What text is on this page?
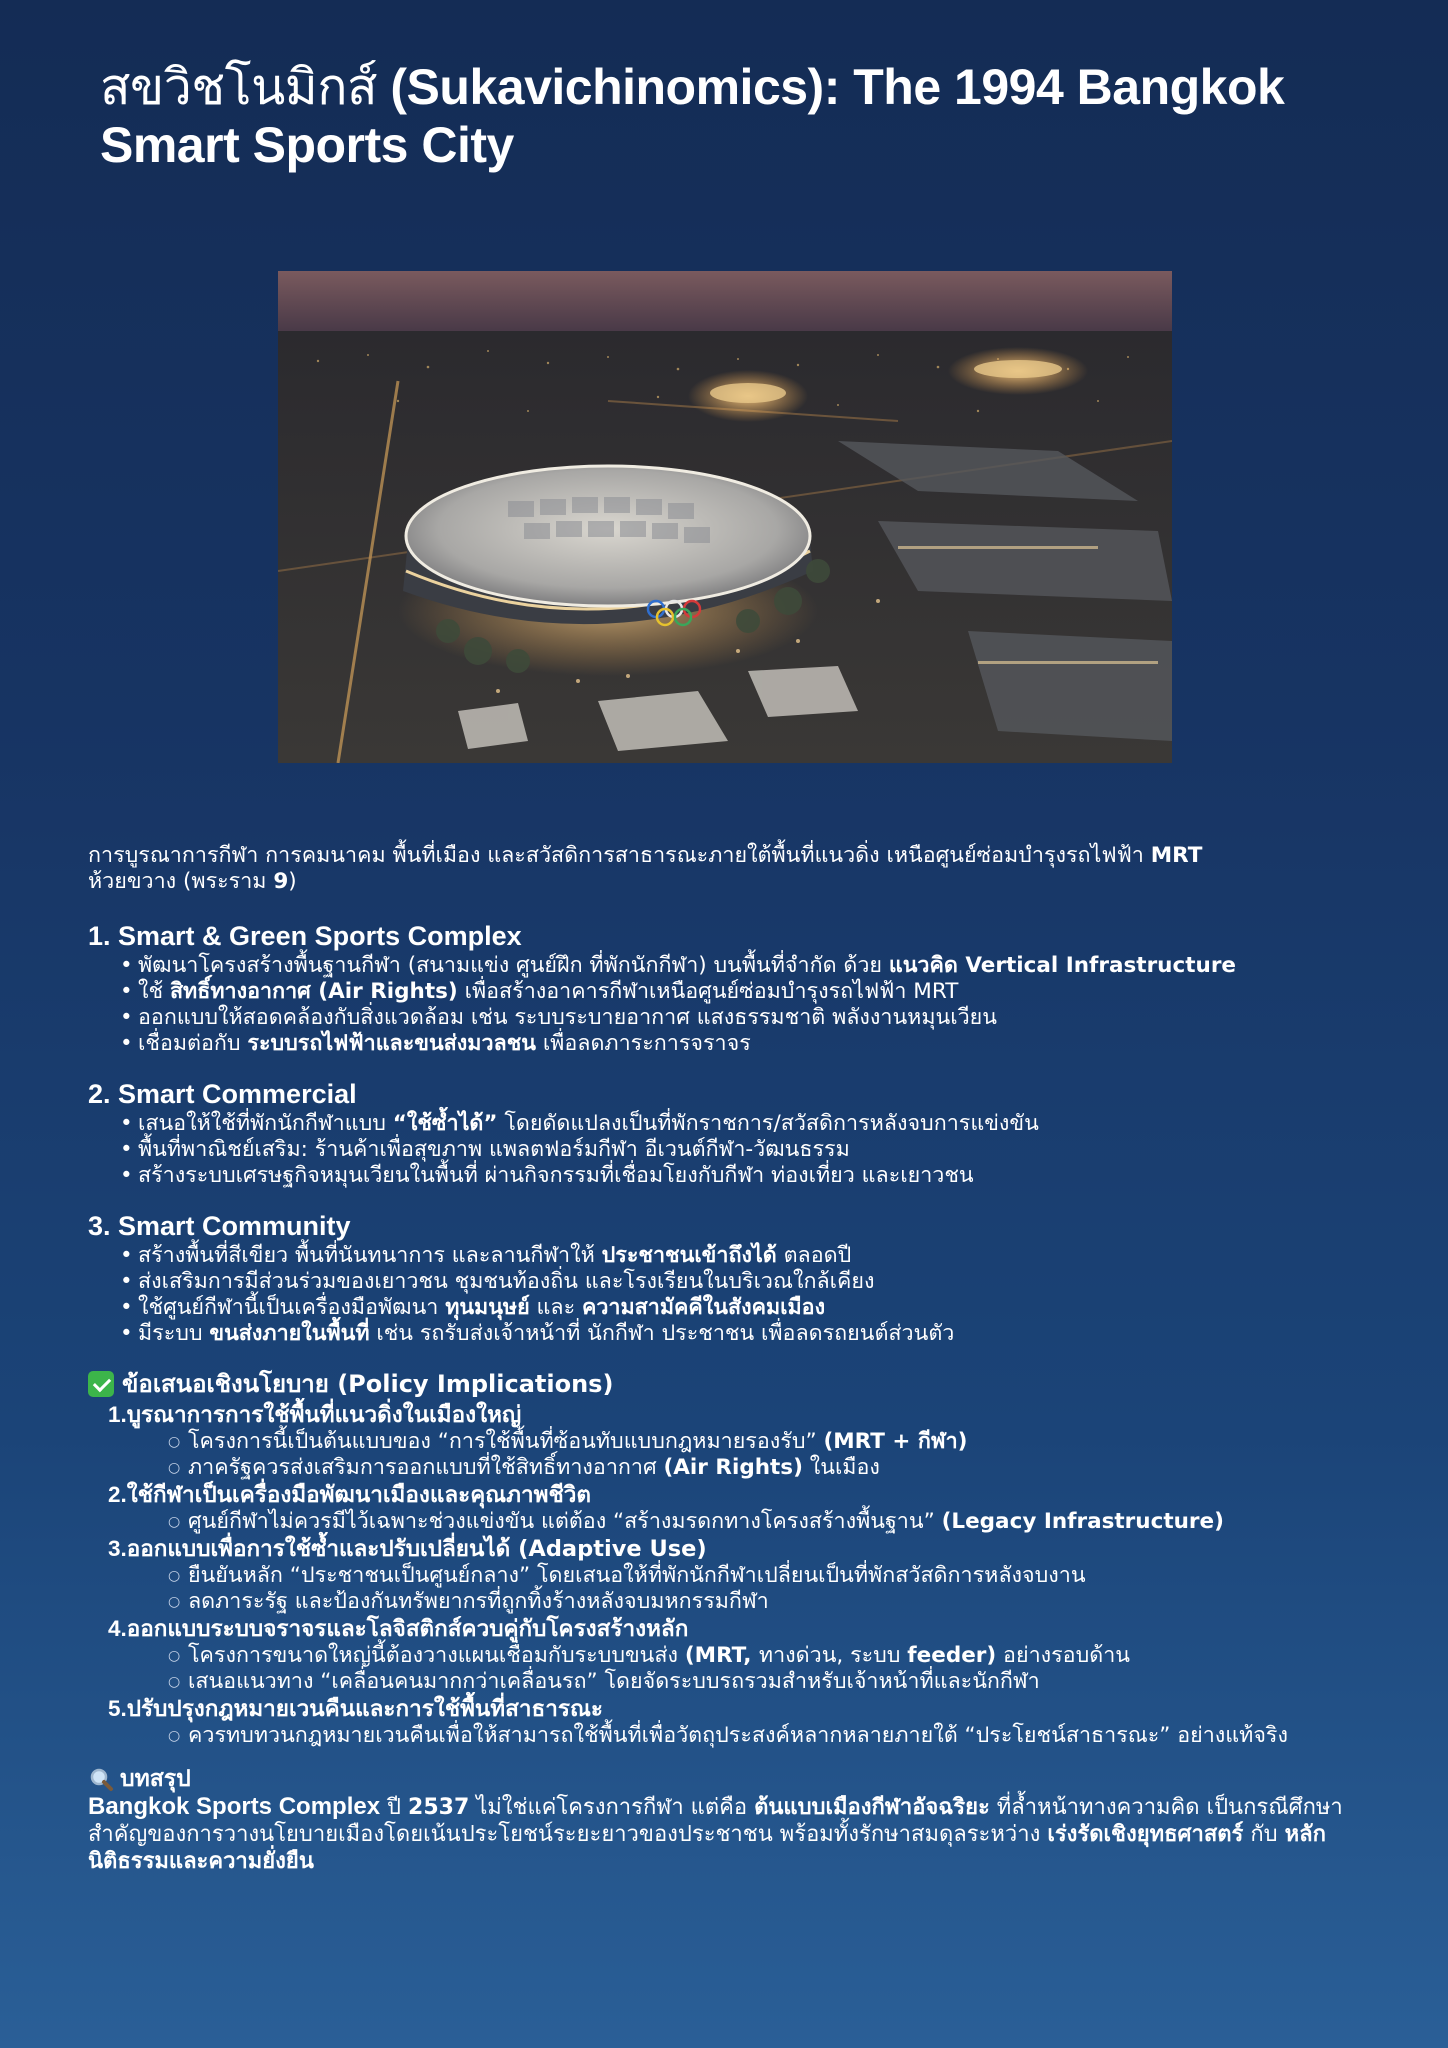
สขวิชโนมิกส์ (Sukavichinomics): The 1994 Bangkok
Smart Sports City

การบูรณาการกีฬา การคมนาคม พื้นที่เมือง และสวัสดิการสาธารณะภายใต้พื้นที่แนวดิ่ง เหนือศูนย์ซ่อมบำรุงรถไฟฟ้า MRT
ห้วยขวาง (พระราม 9)

1. Smart & Green Sports Complex
• พัฒนาโครงสร้างพื้นฐานกีฬา (สนามแข่ง ศูนย์ฝึก ที่พักนักกีฬา) บนพื้นที่จำกัด ด้วย แนวคิด Vertical Infrastructure
• ใช้ สิทธิ์ทางอากาศ (Air Rights) เพื่อสร้างอาคารกีฬาเหนือศูนย์ซ่อมบำรุงรถไฟฟ้า MRT
• ออกแบบให้สอดคล้องกับสิ่งแวดล้อม เช่น ระบบระบายอากาศ แสงธรรมชาติ พลังงานหมุนเวียน
• เชื่อมต่อกับ ระบบรถไฟฟ้าและขนส่งมวลชน เพื่อลดภาระการจราจร
2. Smart Commercial
• เสนอให้ใช้ที่พักนักกีฬาแบบ “ใช้ซ้ำได้” โดยดัดแปลงเป็นที่พักราชการ/สวัสดิการหลังจบการแข่งขัน
• พื้นที่พาณิชย์เสริม: ร้านค้าเพื่อสุขภาพ แพลตฟอร์มกีฬา อีเวนต์กีฬา-วัฒนธรรม
• สร้างระบบเศรษฐกิจหมุนเวียนในพื้นที่ ผ่านกิจกรรมที่เชื่อมโยงกับกีฬา ท่องเที่ยว และเยาวชน
3. Smart Community
• สร้างพื้นที่สีเขียว พื้นที่นันทนาการ และลานกีฬาให้ ประชาชนเข้าถึงได้ ตลอดปี
• ส่งเสริมการมีส่วนร่วมของเยาวชน ชุมชนท้องถิ่น และโรงเรียนในบริเวณใกล้เคียง
• ใช้ศูนย์กีฬานี้เป็นเครื่องมือพัฒนา ทุนมนุษย์ และ ความสามัคคีในสังคมเมือง
• มีระบบ ขนส่งภายในพื้นที่ เช่น รถรับส่งเจ้าหน้าที่ นักกีฬา ประชาชน เพื่อลดรถยนต์ส่วนตัว
ข้อเสนอเชิงนโยบาย (Policy Implications)
1.บูรณาการการใช้พื้นที่แนวดิ่งในเมืองใหญ่
○ โครงการนี้เป็นต้นแบบของ “การใช้พื้นที่ซ้อนทับแบบกฎหมายรองรับ” (MRT + กีฬา)
○ ภาครัฐควรส่งเสริมการออกแบบที่ใช้สิทธิ์ทางอากาศ (Air Rights) ในเมือง
2.ใช้กีฬาเป็นเครื่องมือพัฒนาเมืองและคุณภาพชีวิต
○ ศูนย์กีฬาไม่ควรมีไว้เฉพาะช่วงแข่งขัน แต่ต้อง “สร้างมรดกทางโครงสร้างพื้นฐาน” (Legacy Infrastructure)
3.ออกแบบเพื่อการใช้ซ้ำและปรับเปลี่ยนได้ (Adaptive Use)
○ ยืนยันหลัก “ประชาชนเป็นศูนย์กลาง” โดยเสนอให้ที่พักนักกีฬาเปลี่ยนเป็นที่พักสวัสดิการหลังจบงาน
○ ลดภาระรัฐ และป้องกันทรัพยากรที่ถูกทิ้งร้างหลังจบมหกรรมกีฬา
4.ออกแบบระบบจราจรและโลจิสติกส์ควบคู่กับโครงสร้างหลัก
○ โครงการขนาดใหญ่นี้ต้องวางแผนเชื่อมกับระบบขนส่ง (MRT, ทางด่วน, ระบบ feeder) อย่างรอบด้าน
○ เสนอแนวทาง “เคลื่อนคนมากกว่าเคลื่อนรถ” โดยจัดระบบรถรวมสำหรับเจ้าหน้าที่และนักกีฬา
5.ปรับปรุงกฎหมายเวนคืนและการใช้พื้นที่สาธารณะ
○ ควรทบทวนกฎหมายเวนคืนเพื่อให้สามารถใช้พื้นที่เพื่อวัตถุประสงค์หลากหลายภายใต้ “ประโยชน์สาธารณะ” อย่างแท้จริง
บทสรุป

Bangkok Sports Complex ปี 2537 ไม่ใช่แค่โครงการกีฬา แต่คือ ต้นแบบเมืองกีฬาอัจฉริยะ ที่ล้ำหน้าทางความคิด เป็นกรณีศึกษาสำคัญของการวางนโยบายเมืองโดยเน้นประโยชน์ระยะยาวของประชาชน พร้อมทั้งรักษาสมดุลระหว่าง เร่งรัดเชิงยุทธศาสตร์ กับ หลักนิติธรรมและความยั่งยืน
